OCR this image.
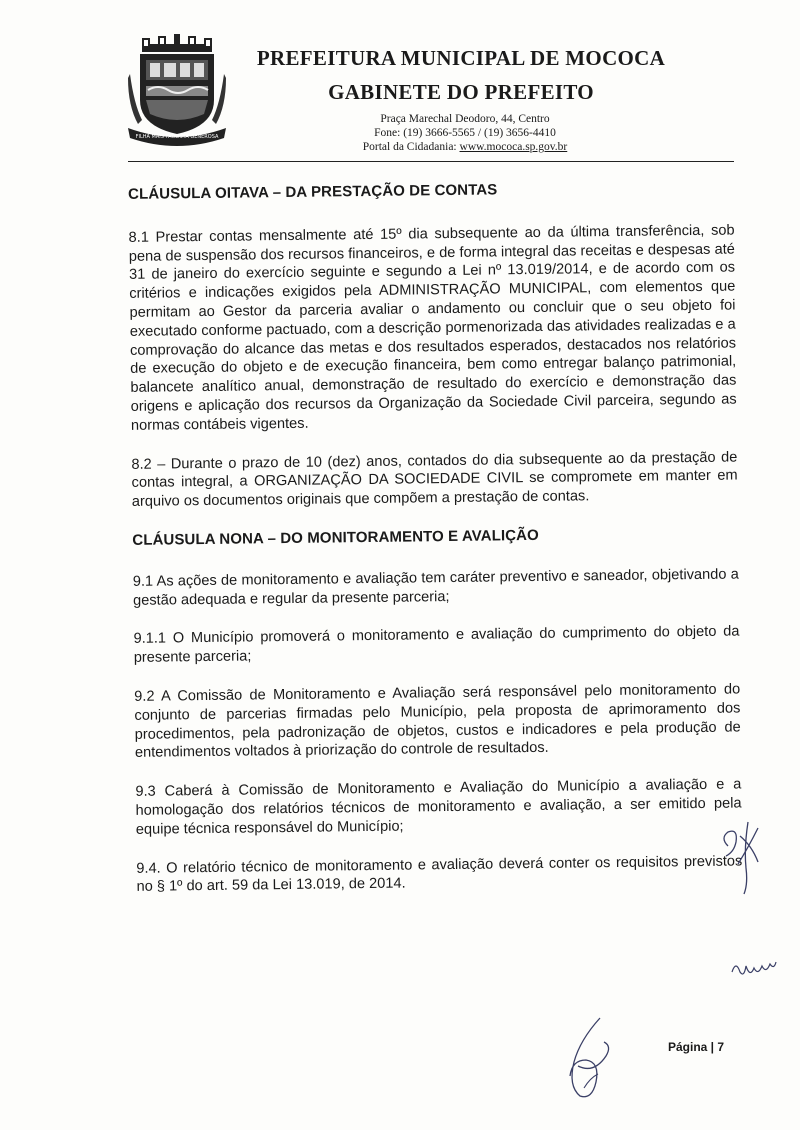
FILHA MAIS PAULISTA GENEROSA
PREFEITURA MUNICIPAL DE MOCOCA
GABINETE DO PREFEITO
Praça Marechal Deodoro, 44, Centro
Fone: (19) 3666-5565 / (19) 3656-4410
Portal da Cidadania: www.mococa.sp.gov.br
CLÁUSULA OITAVA – DA PRESTAÇÃO DE CONTAS
8.1 Prestar contas mensalmente até 15º dia subsequente ao da última transferência, sob pena de suspensão dos recursos financeiros, e de forma integral das receitas e despesas até 31 de janeiro do exercício seguinte e segundo a Lei nº 13.019/2014, e de acordo com os critérios e indicações exigidos pela ADMINISTRAÇÃO MUNICIPAL, com elementos que permitam ao Gestor da parceria avaliar o andamento ou concluir que o seu objeto foi executado conforme pactuado, com a descrição pormenorizada das atividades realizadas e a comprovação do alcance das metas e dos resultados esperados, destacados nos relatórios de execução do objeto e de execução financeira, bem como entregar balanço patrimonial, balancete analítico anual, demonstração de resultado do exercício e demonstração das origens e aplicação dos recursos da Organização da Sociedade Civil parceira, segundo as normas contábeis vigentes.
8.2 – Durante o prazo de 10 (dez) anos, contados do dia subsequente ao da prestação de contas integral, a ORGANIZAÇÃO DA SOCIEDADE CIVIL se compromete em manter em arquivo os documentos originais que compõem a prestação de contas.
CLÁUSULA NONA – DO MONITORAMENTO E AVALIÇÃO
9.1 As ações de monitoramento e avaliação tem caráter preventivo e saneador, objetivando a gestão adequada e regular da presente parceria;
9.1.1 O Município promoverá o monitoramento e avaliação do cumprimento do objeto da presente parceria;
9.2 A Comissão de Monitoramento e Avaliação será responsável pelo monitoramento do conjunto de parcerias firmadas pelo Município, pela proposta de aprimoramento dos procedimentos, pela padronização de objetos, custos e indicadores e pela produção de entendimentos voltados à priorização do controle de resultados.
9.3 Caberá à Comissão de Monitoramento e Avaliação do Município a avaliação e a homologação dos relatórios técnicos de monitoramento e avaliação, a ser emitido pela equipe técnica responsável do Município;
9.4. O relatório técnico de monitoramento e avaliação deverá conter os requisitos previstos no § 1º do art. 59 da Lei 13.019, de 2014.
Página | 7
